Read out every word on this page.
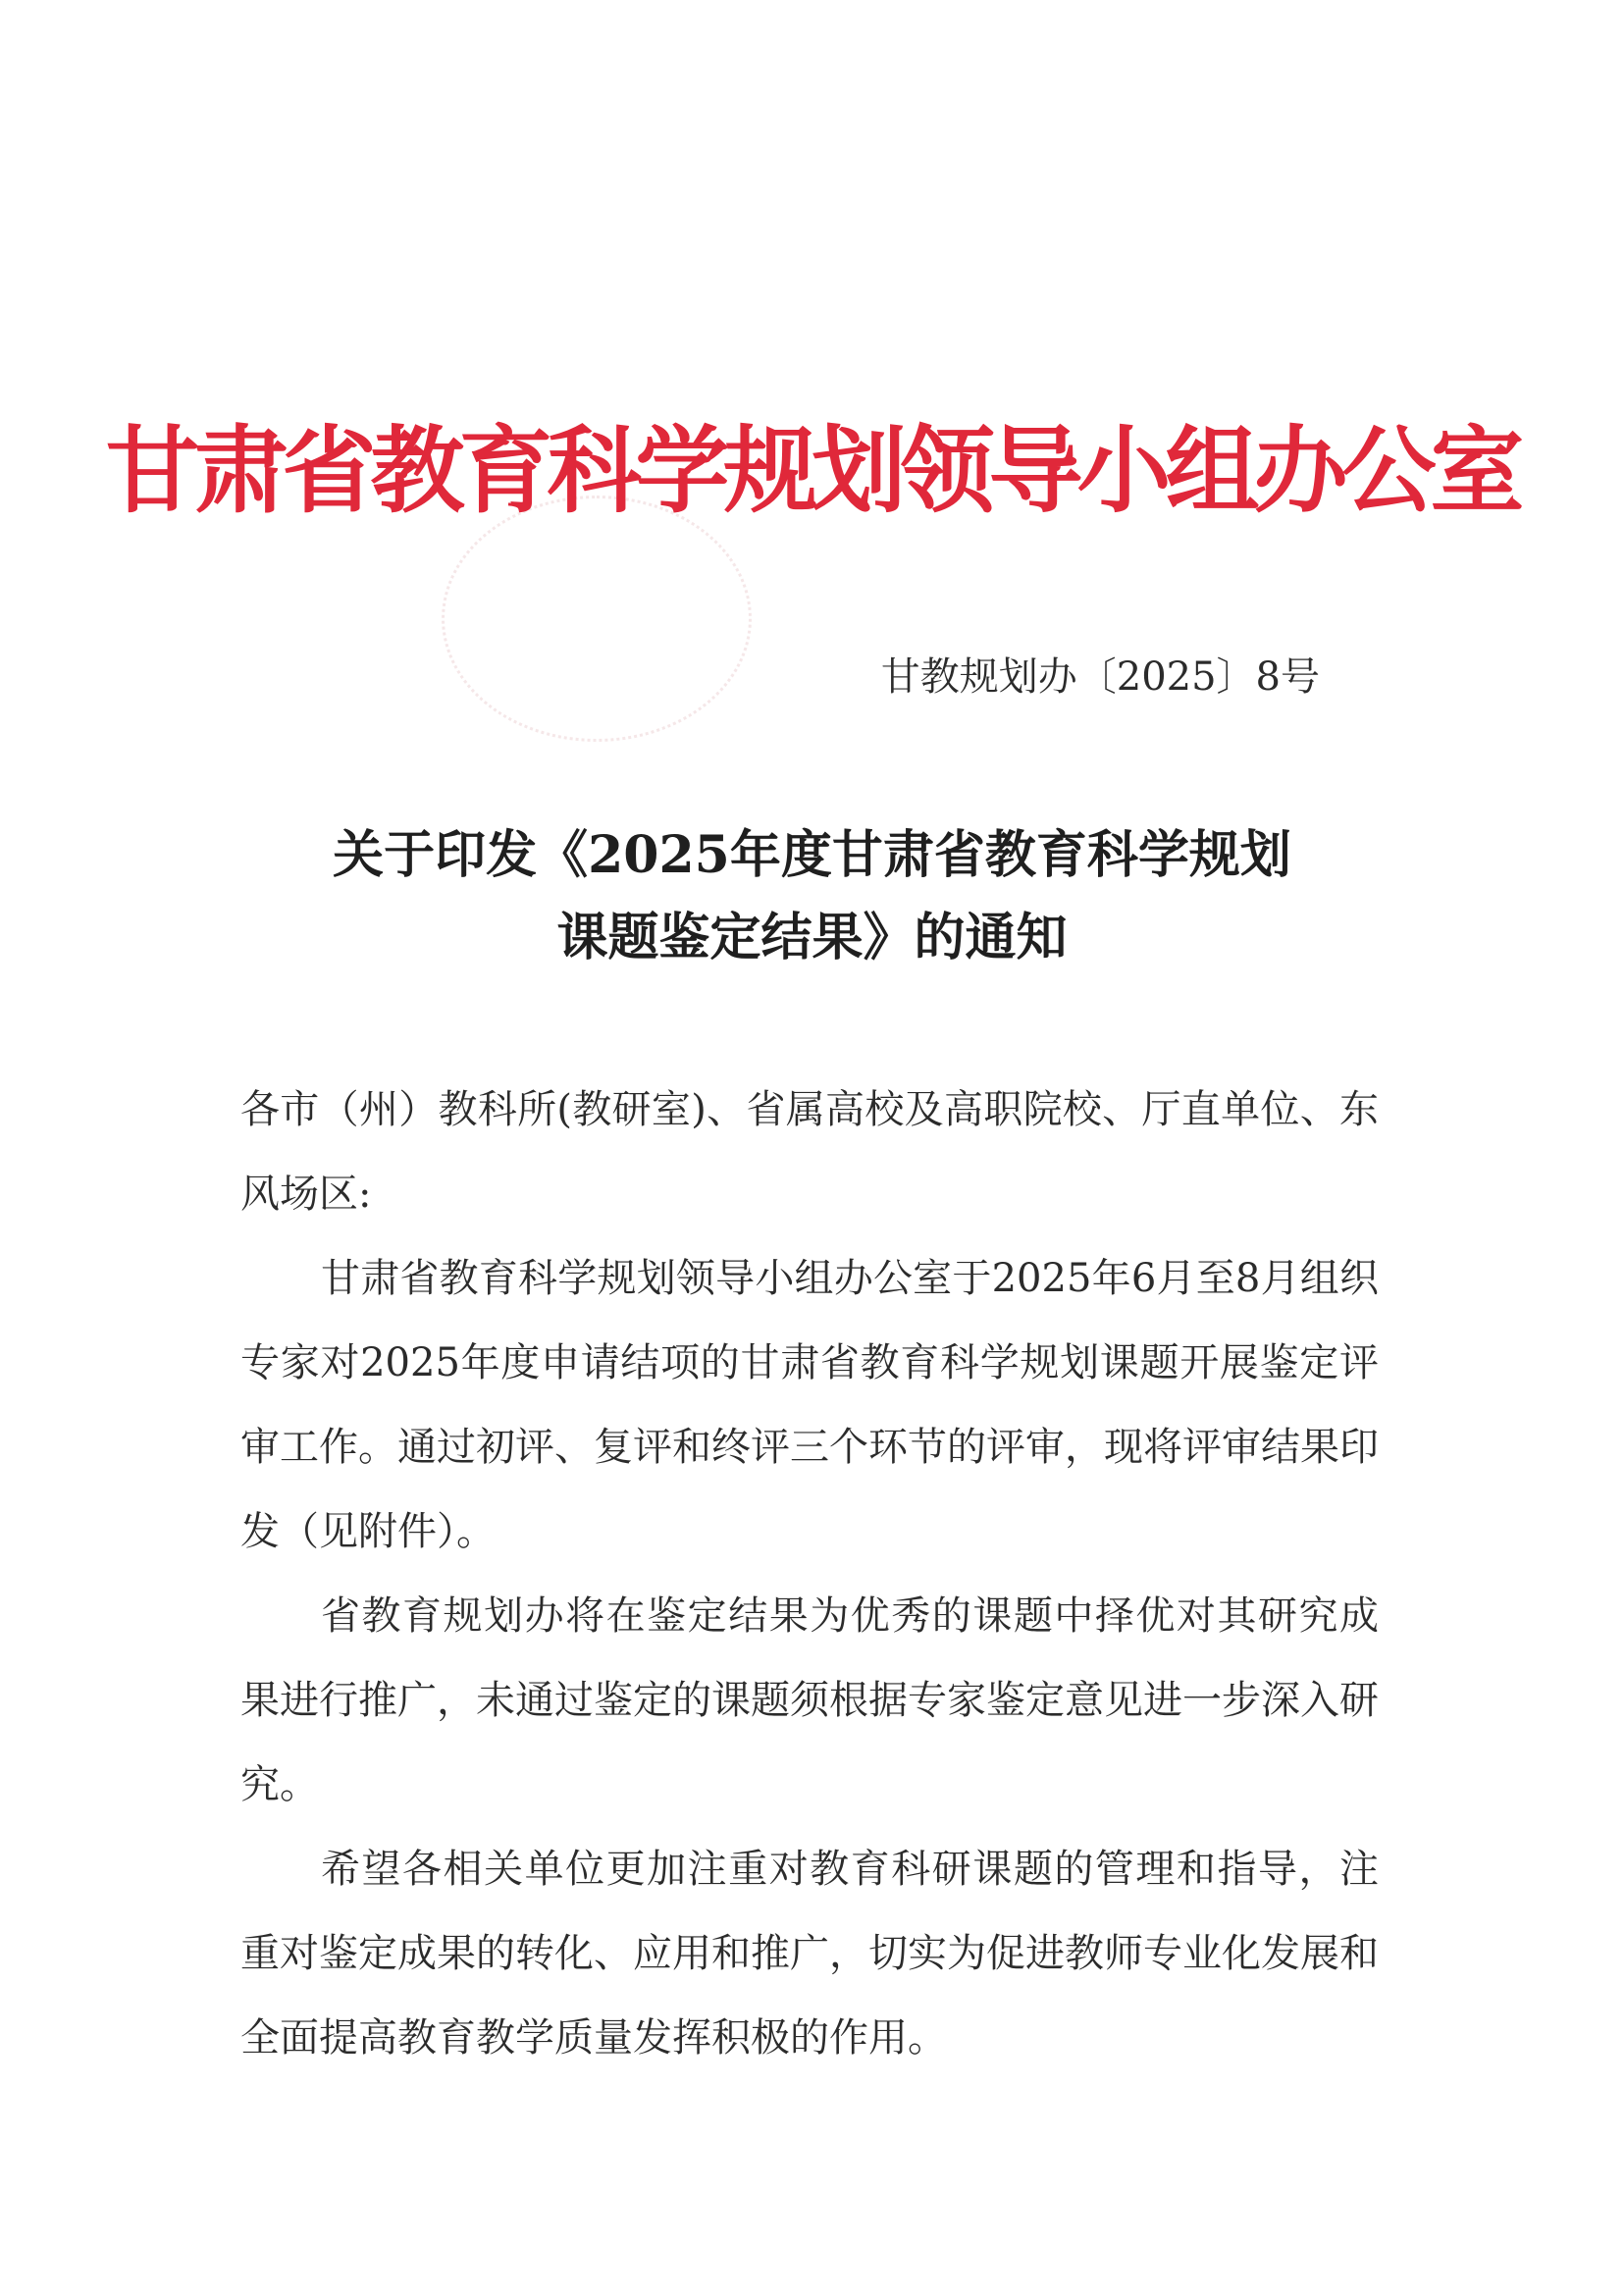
甘肃省教育科学规划领导小组办公室
甘教规划办〔2025〕8号
关于印发《2025年度甘肃省教育科学规划
课题鉴定结果》的通知

各市（州）教科所(教研室)、省属高校及高职院校、厅直单位、东风场区:

甘肃省教育科学规划领导小组办公室于2025年6月至8月组织专家对2025年度申请结项的甘肃省教育科学规划课题开展鉴定评审工作。通过初评、复评和终评三个环节的评审，现将评审结果印发（见附件）。

省教育规划办将在鉴定结果为优秀的课题中择优对其研究成果进行推广，未通过鉴定的课题须根据专家鉴定意见进一步深入研究。

希望各相关单位更加注重对教育科研课题的管理和指导，注重对鉴定成果的转化、应用和推广，切实为促进教师专业化发展和全面提高教育教学质量发挥积极的作用。
